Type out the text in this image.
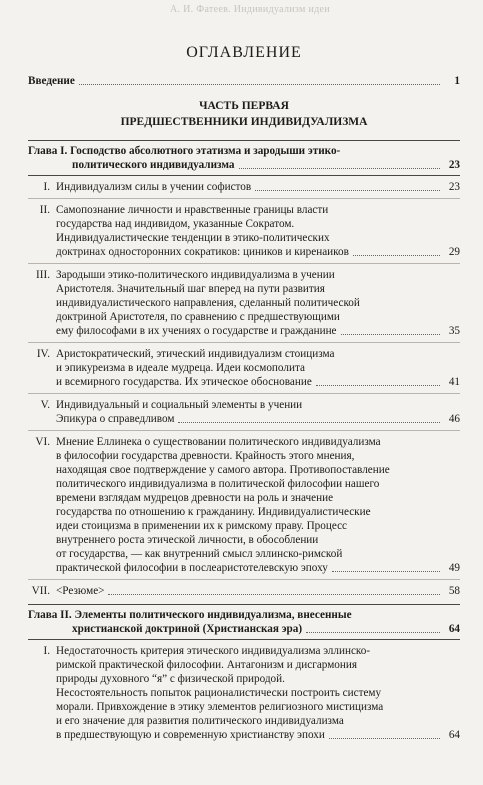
А. И. Фатеев. Индивидуализм идеи
ОГЛАВЛЕНИЕ
Введение	1
ЧАСТЬ ПЕРВАЯ
ПРЕДШЕСТВЕННИКИ ИНДИВИДУАЛИЗМА
Глава I. Господство абсолютного этатизма и зародыши этико-
политического индивидуализма	23
I. Индивидуализм силы в учении софистов	23
II. Самопознание личности и нравственные границы власти
государства над индивидом, указанные Сократом.
Индивидуалистические тенденции в этико-политических
доктринах односторонних сократиков: циников и киренаиков	29
III. Зародыши этико-политического индивидуализма в учении
Аристотеля. Значительный шаг вперед на пути развития
индивидуалистического направления, сделанный политической
доктриной Аристотеля, по сравнению с предшествующими
ему философами в их учениях о государстве и гражданине	35
IV. Аристократический, этический индивидуализм стоицизма
и эпикуреизма в идеале мудреца. Идеи космополита
и всемирного государства. Их этическое обоснование	41
V. Индивидуальный и социальный элементы в учении
Эпикура о справедливом	46
VI. Мнение Еллинека о существовании политического индивидуализма
в философии государства древности. Крайность этого мнения,
находящая свое подтверждение у самого автора. Противопоставление
политического индивидуализма в политической философии нашего
времени взглядам мудрецов древности на роль и значение
государства по отношению к гражданину. Индивидуалистические
идеи стоицизма в применении их к римскому праву. Процесс
внутреннего роста этической личности, в обособлении
от государства, — как внутренний смысл эллинско-римской
практической философии в послеаристотелевскую эпоху	49
VII. <Резюме>	58
Глава II. Элементы политического индивидуализма, внесенные
христианской доктриной (Христианская эра)	64
I. Недостаточность критерия этического индивидуализма эллинско-
римской практической философии. Антагонизм и дисгармония
природы духовного “я” с физической природой.
Несостоятельность попыток рационалистически построить систему
морали. Привхождение в этику элементов религиозного мистицизма
и его значение для развития политического индивидуализма
в предшествующую и современную христианству эпохи	64
